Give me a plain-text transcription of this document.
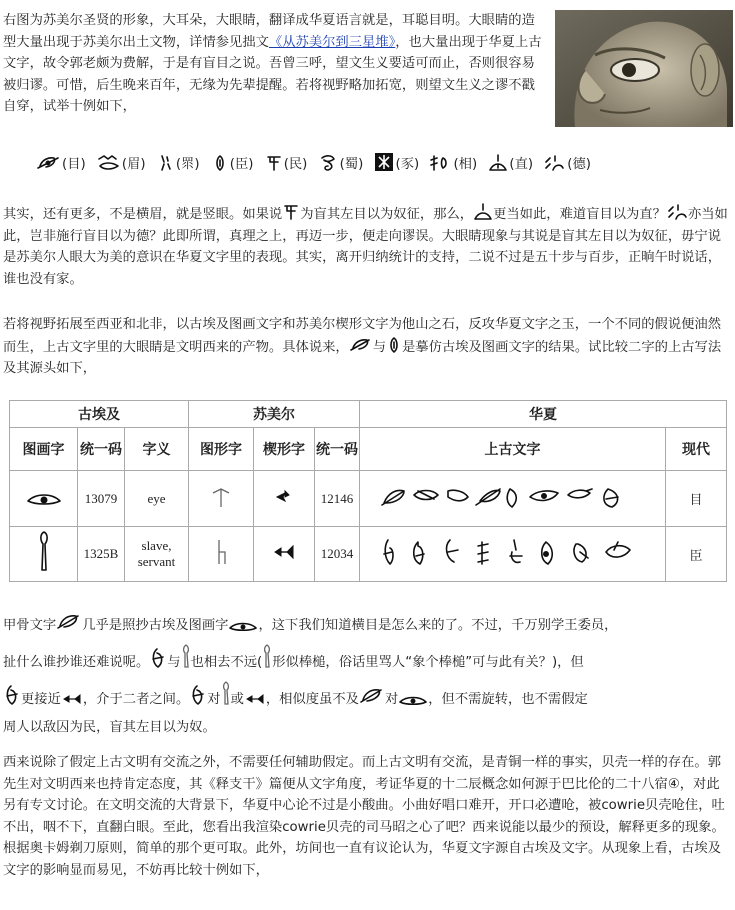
右图为苏美尔圣贤的形象，大耳朵，大眼睛，翻译成华夏语言就是，耳聪目明。大眼睛的造型大量出现于苏美尔出土文物，详情参见拙文《从苏美尔到三星堆》，也大量出现于华夏上古文字，故令郭老颇为费解，于是有盲目之说。吾曾三呼，望文生义要适可而止，否则很容易被归谬。可惜，后生晚来百年，无缘为先辈提醒。若将视野略加拓宽，则望文生义之谬不戳自穿，试举十例如下，

(目)	(眉) (眔) (臣) (民) (蜀) (豕)	(相) (直)	(德)

其实，还有更多，不是横眉，就是竖眼。如果说 为盲其左目以为奴征，那么， 更当如此，难道盲目以为直？ 亦当如此，岂非施行盲目以为德？此即所谓，真理之上，再迈一步，便走向谬误。大眼睛现象与其说是盲其左目以为奴征，毋宁说是苏美尔人眼大为美的意识在华夏文字里的表现。其实，离开归纳统计的支持，二说不过是五十步与百步，正晌午时说话，谁也没有家。

若将视野拓展至西亚和北非，以古埃及图画文字和苏美尔楔形文字为他山之石，反攻华夏文字之玉，一个不同的假说便油然而生，上古文字里的大眼睛是文明西来的产物。具体说来， 与 是摹仿古埃及图画文字的结果。试比较二字的上古写法及其源头如下，

古埃及			苏美尔			华夏	
图画字	统一码	字义	图形字	楔形字	统一码	上古文字	现代
	13079	eye			12146		目
	1325B	slave, servant			12034		臣

甲骨文字 几乎是照抄古埃及图画字 ，这下我们知道横目是怎么来的了。不过，千万别学王委员，

扯什么谁抄谁还难说呢。 与 也相去不远( 形似棒槌，俗话里骂人“象个棒槌”可与此有关？)，但

更接近 ，介于二者之间。 对 或 ，相似度虽不及 对 ，但不需旋转，也不需假定

周人以敌囚为民，盲其左目以为奴。

西来说除了假定上古文明有交流之外，不需要任何辅助假定。而上古文明有交流，是青铜一样的事实，贝壳一样的存在。郭先生对文明西来也持肯定态度，其《释支干》篇便从文字角度，考证华夏的十二辰概念如何源于巴比伦的二十八宿④，对此另有专文讨论。在文明交流的大背景下，华夏中心论不过是小酸曲。小曲好唱口难开，开口必遭呛，被cowrie贝壳呛住，吐不出，咽不下，直翻白眼。至此，您看出我渲染cowrie贝壳的司马昭之心了吧？西来说能以最少的预设，解释更多的现象。根据奥卡姆剃刀原则，简单的那个更可取。此外，坊间也一直有议论认为，华夏文字源自古埃及文字。从现象上看，古埃及文字的影响显而易见，不妨再比较十例如下，
